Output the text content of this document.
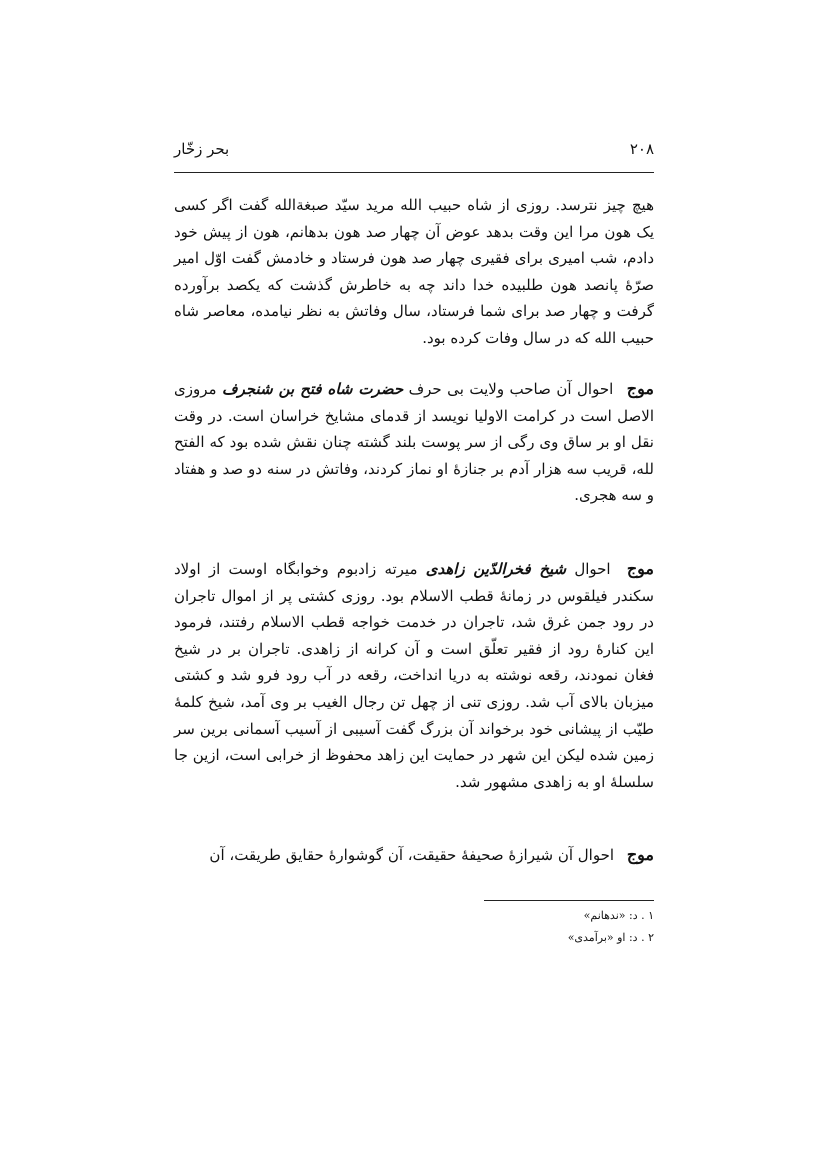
۲۰۸
بحر زخّار

هیچ چیز نترسد. روزی از شاه حبیب الله مرید سیّد صبغةالله گفت اگر کسی یک هون مرا این وقت بدهد عوض آن چهار صد هون بدهانم، هون از پیش خود دادم، شب امیری برای فقیری چهار صد هون فرستاد و خادمش گفت اوّل امیر صرّهٔ پانصد هون طلبیده خدا داند چه به خاطرش گذشت که یکصد برآورده گرفت و چهار صد برای شما فرستاد، سال وفاتش به نظر نیامده، معاصر شاه حبیب الله که در سال وفات کرده بود.

موج احوال آن صاحب ولایت بی حرف حضرت شاه فتح بن شنجرف مروزی الاصل است در کرامت الاولیا نویسد از قدمای مشایخ خراسان است. در وقت نقل او بر ساق وی رگی از سر پوست بلند گشته چنان نقش شده بود که الفتح لله، قریب سه هزار آدم بر جنازهٔ او نماز کردند، وفاتش در سنه دو صد و هفتاد و سه هجری.

موج احوال شیخ فخرالدّین زاهدی میرته زادبوم وخوابگاه اوست از اولاد سکندر فیلقوس در زمانهٔ قطب الاسلام بود. روزی کشتی پر از اموال تاجران در رود جمن غرق شد، تاجران در خدمت خواجه قطب الاسلام رفتند، فرمود این کنارهٔ رود از فقیر تعلّق است و آن کرانه از زاهدی. تاجران بر در شیخ فغان نمودند، رقعه نوشته به دریا انداخت، رقعه در آب رود فرو شد و کشتی میزبان بالای آب شد. روزی تنی از چهل تن رجال الغیب بر وی آمد، شیخ کلمهٔ طیّب از پیشانی خود برخواند آن بزرگ گفت آسیبی از آسیب آسمانی برین سر زمین شده لیکن این شهر در حمایت این زاهد محفوظ از خرابی است، ازین جا سلسلهٔ او به زاهدی مشهور شد.

موج احوال آن شیرازهٔ صحیفهٔ حقیقت، آن گوشوارهٔ حقایق طریقت، آن

۱ . د: «ندهانم»
۲ . د: او «برآمدی»
